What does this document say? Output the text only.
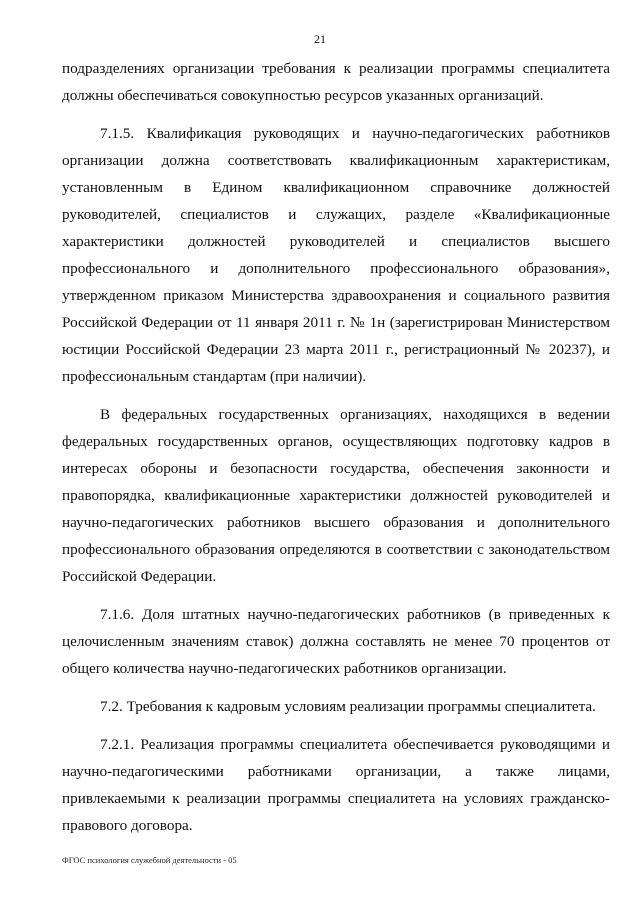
21

подразделениях организации требования к реализации программы специалитета должны обеспечиваться совокупностью ресурсов указанных организаций.

7.1.5. Квалификация руководящих и научно-педагогических работников организации должна соответствовать квалификационным характеристикам, установленным в Едином квалификационном справочнике должностей руководителей, специалистов и служащих, разделе «Квалификационные характеристики должностей руководителей и специалистов высшего профессионального и дополнительного профессионального образования», утвержденном приказом Министерства здравоохранения и социального развития Российской Федерации от 11 января 2011 г. № 1н (зарегистрирован Министерством юстиции Российской Федерации 23 марта 2011 г., регистрационный № 20237), и профессиональным стандартам (при наличии).

В федеральных государственных организациях, находящихся в ведении федеральных государственных органов, осуществляющих подготовку кадров в интересах обороны и безопасности государства, обеспечения законности и правопорядка, квалификационные характеристики должностей руководителей и научно-педагогических работников высшего образования и дополнительного профессионального образования определяются в соответствии с законодательством Российской Федерации.

7.1.6. Доля штатных научно-педагогических работников (в приведенных к целочисленным значениям ставок) должна составлять не менее 70 процентов от общего количества научно-педагогических работников организации.

7.2. Требования к кадровым условиям реализации программы специалитета.

7.2.1. Реализация программы специалитета обеспечивается руководящими и научно-педагогическими работниками организации, а также лицами, привлекаемыми к реализации программы специалитета на условиях гражданско-правового договора.

ФГОС психология служебной деятельности - 05
